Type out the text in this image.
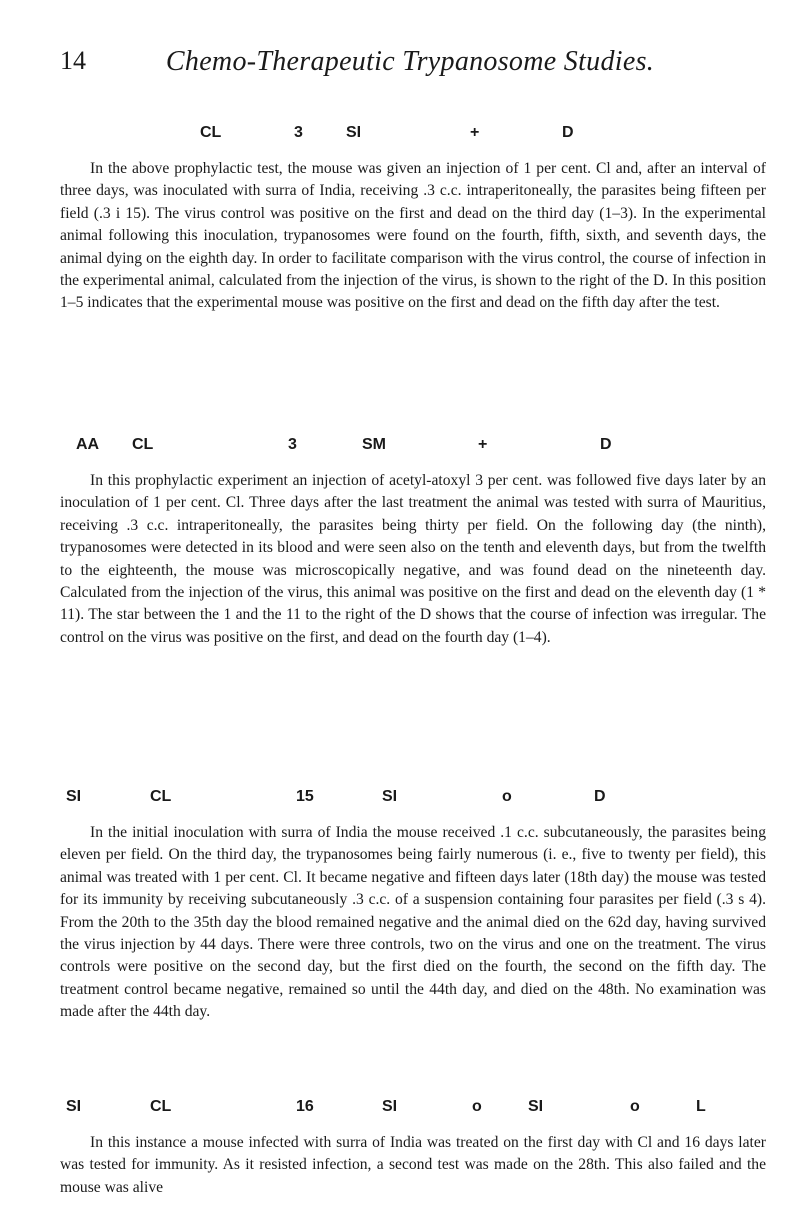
14	Chemo-Therapeutic Trypanosome Studies.
CL	3	SI	+	D

In the above prophylactic test, the mouse was given an injection of 1 per cent. Cl and, after an interval of three days, was inoculated with surra of India, receiving .3 c.c. intraperitoneally, the parasites being fifteen per field (.3 i 15). The virus control was positive on the first and dead on the third day (1–3). In the experimental animal following this inoculation, trypanosomes were found on the fourth, fifth, sixth, and seventh days, the animal dying on the eighth day. In order to facilitate comparison with the virus control, the course of infection in the experimental animal, calculated from the injection of the virus, is shown to the right of the D. In this position 1–5 indicates that the experimental mouse was positive on the first and dead on the fifth day after the test.

AA CL	3	SM	+	D

In this prophylactic experiment an injection of acetyl-atoxyl 3 per cent. was followed five days later by an inoculation of 1 per cent. Cl. Three days after the last treatment the animal was tested with surra of Mauritius, receiving .3 c.c. intraperitoneally, the parasites being thirty per field. On the following day (the ninth), trypanosomes were detected in its blood and were seen also on the tenth and eleventh days, but from the twelfth to the eighteenth, the mouse was microscopically negative, and was found dead on the nineteenth day. Calculated from the injection of the virus, this animal was positive on the first and dead on the eleventh day (1 * 11). The star between the 1 and the 11 to the right of the D shows that the course of infection was irregular. The control on the virus was positive on the first, and dead on the fourth day (1–4).

SI	CL	15	SI	o	D

In the initial inoculation with surra of India the mouse received .1 c.c. subcutaneously, the parasites being eleven per field. On the third day, the trypanosomes being fairly numerous (i. e., five to twenty per field), this animal was treated with 1 per cent. Cl. It became negative and fifteen days later (18th day) the mouse was tested for its immunity by receiving subcutaneously .3 c.c. of a suspension containing four parasites per field (.3 s 4). From the 20th to the 35th day the blood remained negative and the animal died on the 62d day, having survived the virus injection by 44 days. There were three controls, two on the virus and one on the treatment. The virus controls were positive on the second day, but the first died on the fourth, the second on the fifth day. The treatment control became negative, remained so until the 44th day, and died on the 48th. No examination was made after the 44th day.

SI	CL	16	SI	o	SI	o	L

In this instance a mouse infected with surra of India was treated on the first day with Cl and 16 days later was tested for immunity. As it resisted infection, a second test was made on the 28th. This also failed and the mouse was alive
